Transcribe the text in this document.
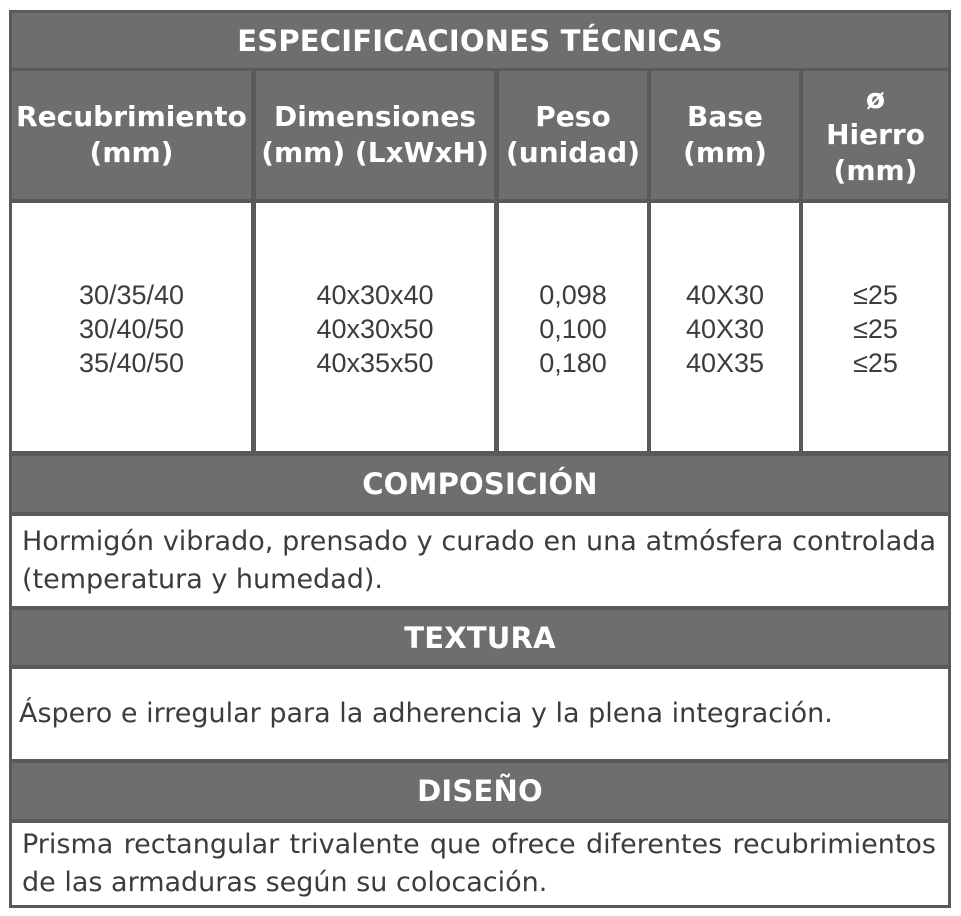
ESPECIFICACIONES TÉCNICAS
Recubrimiento
(mm)
Dimensiones
(mm) (LxWxH)
Peso
(unidad)
Base
(mm)
ø
Hierro
(mm)
30/35/40
30/40/50
35/40/50
40x30x40
40x30x50
40x35x50
0,098
0,100
0,180
40X30
40X30
40X35
≤25
≤25
≤25
COMPOSICIÓN

Hormigón vibrado, prensado y curado en una atmósfera controlada (temperatura y humedad).

TEXTURA

Áspero e irregular para la adherencia y la plena integración.

DISEÑO

Prisma rectangular trivalente que ofrece diferentes recubrimientos de las armaduras según su colocación.
